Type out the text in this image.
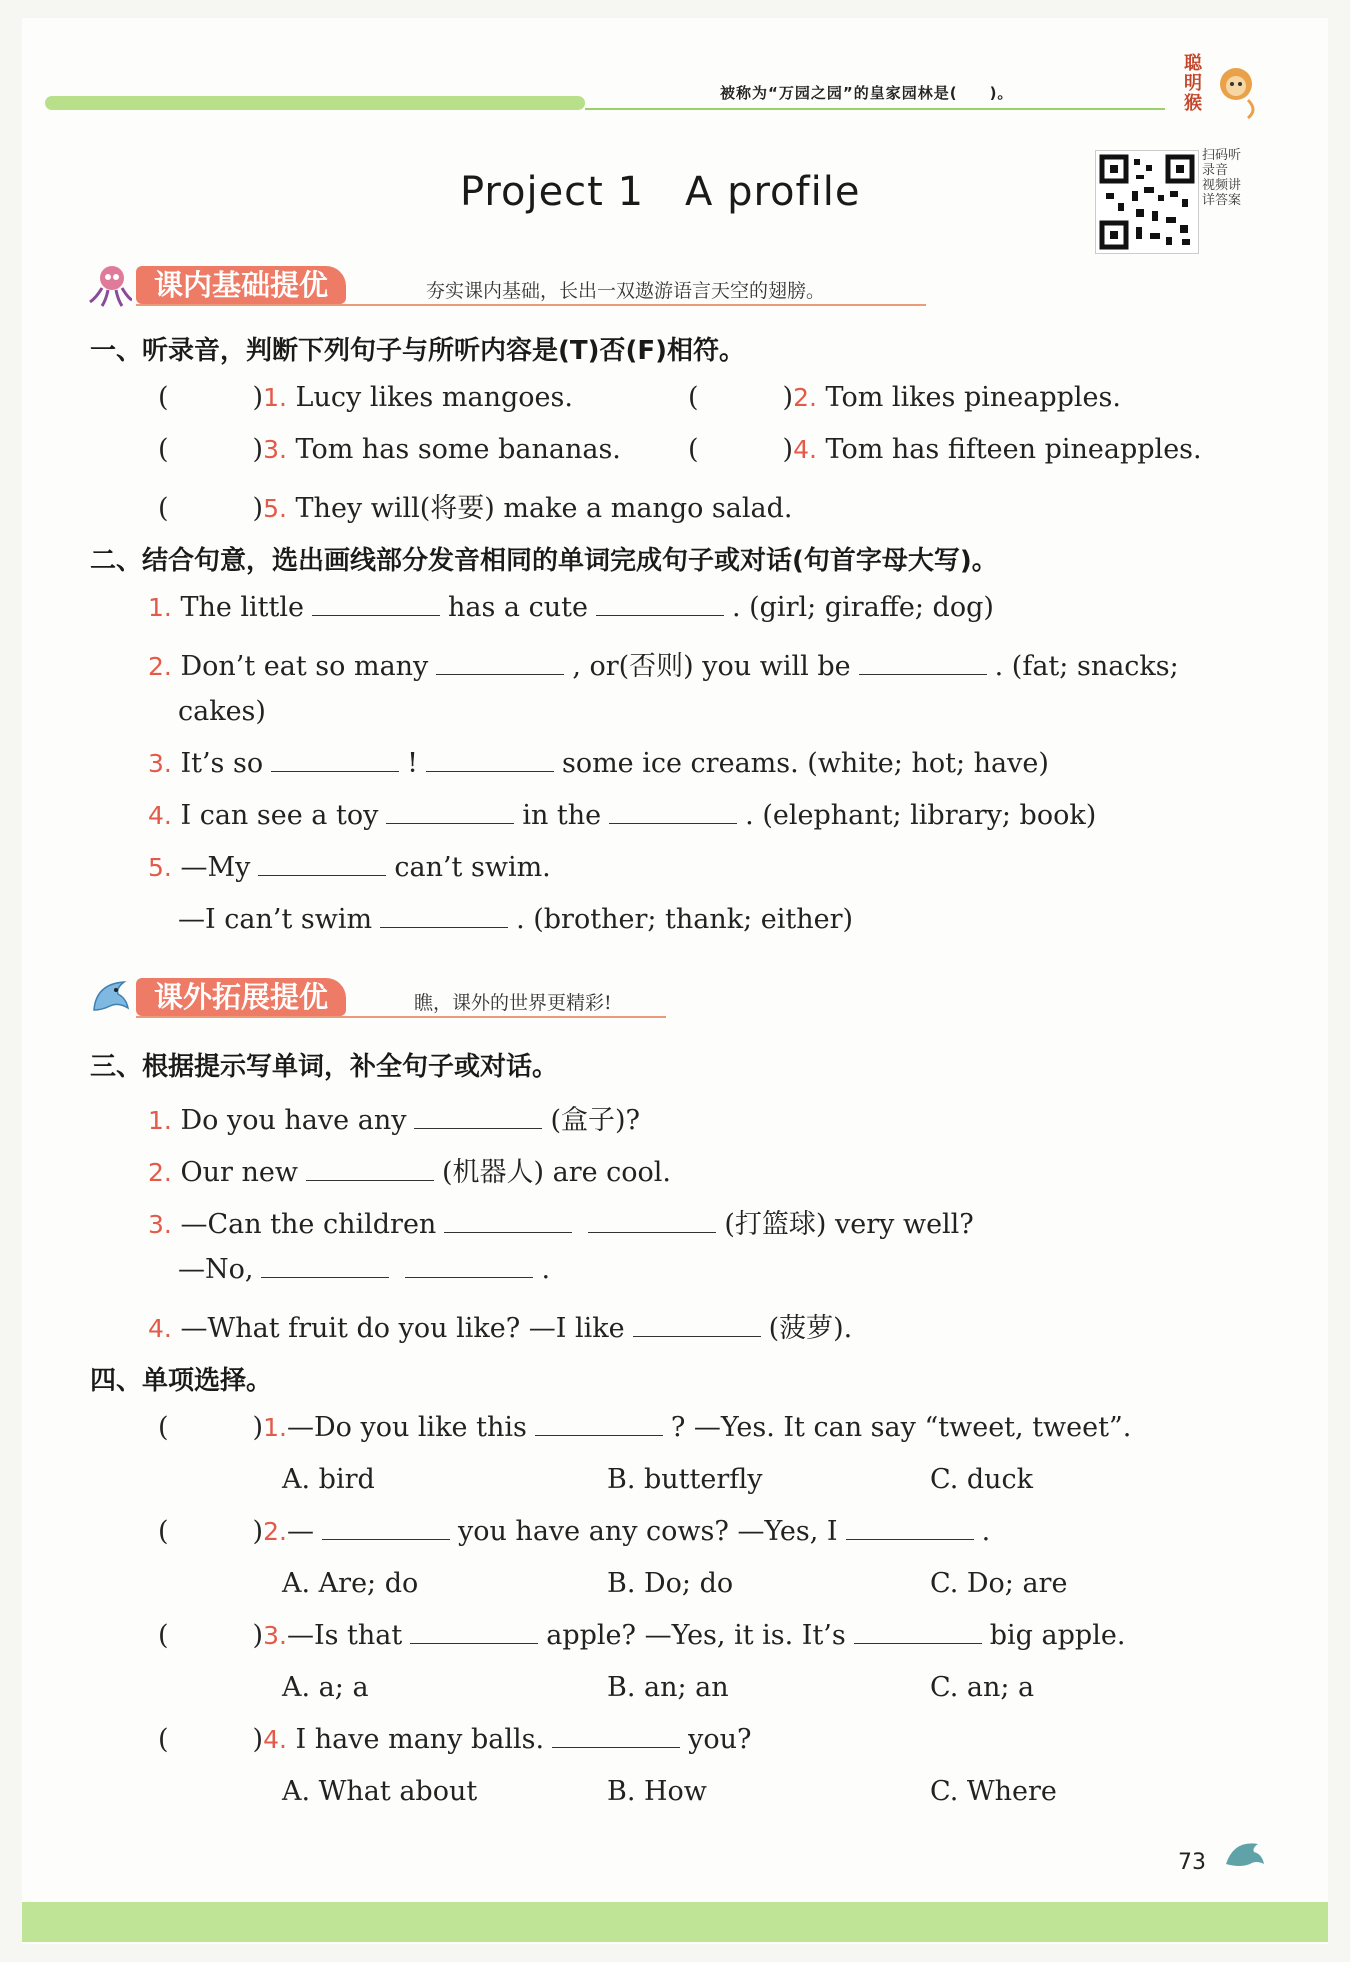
被称为“万园之园”的皇家园林是(　　)。
聪明猴
Project 1　A profile
扫码听录音 视频讲详答案
课内基础提优	夯实课内基础，长出一双遨游语言天空的翅膀。
一、听录音，判断下列句子与所听内容是(T)否(F)相符。
(	)1. Lucy likes mangoes.	(	)2. Tom likes pineapples.
(	)3. Tom has some bananas. (	)4. Tom has fifteen pineapples.
(	)5. They will(将要) make a mango salad.
二、结合句意，选出画线部分发音相同的单词完成句子或对话(句首字母大写)。
1. The little	has a cute	. (girl; giraffe; dog)
2. Don’t eat so many	, or(否则) you will be	. (fat; snacks;
cakes)
3. It’s so	!	some ice creams. (white; hot; have)
4. I can see a toy	in the	. (elephant; library; book)
5. —My	can’t swim.
—I can’t swim	. (brother; thank; either)
课外拓展提优	瞧，课外的世界更精彩!
三、根据提示写单词，补全句子或对话。
1. Do you have any	(盒子)?
2. Our new	(机器人) are cool.
3. —Can the children	(打篮球) very well?
—No,	.
4. —What fruit do you like? —I like	(菠萝).
四、单项选择。
(	)1.—Do you like this	? —Yes. It can say “tweet, tweet”.
A. bird	B. butterfly	C. duck
(	)2.—	you have any cows? —Yes, I	.
A. Are; do	B. Do; do	C. Do; are
(	)3.—Is that	apple? —Yes, it is. It’s	big apple.
A. a; a	B. an; an	C. an; a
(	)4. I have many balls.	you?
A. What about	B. How	C. Where
73
